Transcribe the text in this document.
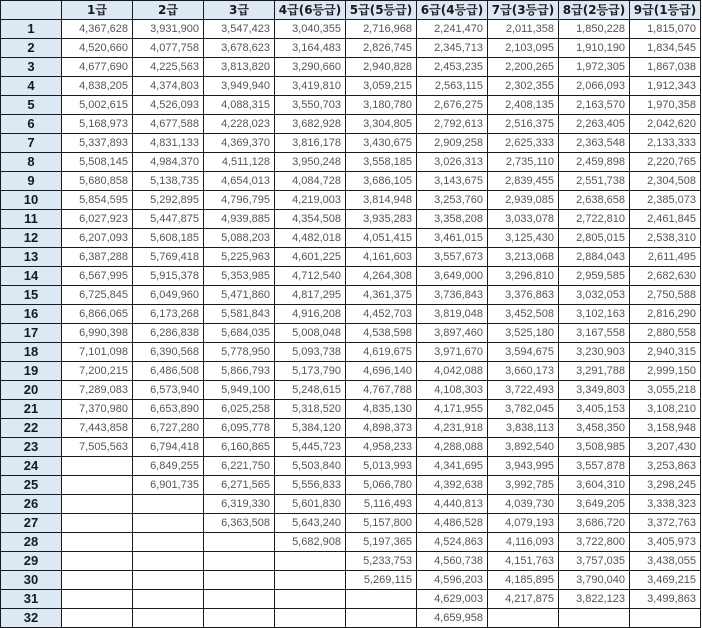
	1급	2급	3급	4급(6등급)	5급(5등급)	6급(4등급)	7급(3등급)	8급(2등급)	9급(1등급)
1	4,367,628	3,931,900	3,547,423	3,040,355	2,716,968	2,241,470	2,011,358	1,850,228	1,815,070
2	4,520,660	4,077,758	3,678,623	3,164,483	2,826,745	2,345,713	2,103,095	1,910,190	1,834,545
3	4,677,690	4,225,563	3,813,820	3,290,660	2,940,828	2,453,235	2,200,265	1,972,305	1,867,038
4	4,838,205	4,374,803	3,949,940	3,419,810	3,059,215	2,563,115	2,302,355	2,066,093	1,912,343
5	5,002,615	4,526,093	4,088,315	3,550,703	3,180,780	2,676,275	2,408,135	2,163,570	1,970,358
6	5,168,973	4,677,588	4,228,023	3,682,928	3,304,805	2,792,613	2,516,375	2,263,405	2,042,620
7	5,337,893	4,831,133	4,369,370	3,816,178	3,430,675	2,909,258	2,625,333	2,363,548	2,133,333
8	5,508,145	4,984,370	4,511,128	3,950,248	3,558,185	3,026,313	2,735,110	2,459,898	2,220,765
9	5,680,858	5,138,735	4,654,013	4,084,728	3,686,105	3,143,675	2,839,455	2,551,738	2,304,508
10	5,854,595	5,292,895	4,796,795	4,219,003	3,814,948	3,253,760	2,939,085	2,638,658	2,385,073
11	6,027,923	5,447,875	4,939,885	4,354,508	3,935,283	3,358,208	3,033,078	2,722,810	2,461,845
12	6,207,093	5,608,185	5,088,203	4,482,018	4,051,415	3,461,015	3,125,430	2,805,015	2,538,310
13	6,387,288	5,769,418	5,225,963	4,601,225	4,161,603	3,557,673	3,213,068	2,884,043	2,611,495
14	6,567,995	5,915,378	5,353,985	4,712,540	4,264,308	3,649,000	3,296,810	2,959,585	2,682,630
15	6,725,845	6,049,960	5,471,860	4,817,295	4,361,375	3,736,843	3,376,863	3,032,053	2,750,588
16	6,866,065	6,173,268	5,581,843	4,916,208	4,452,703	3,819,048	3,452,508	3,102,163	2,816,290
17	6,990,398	6,286,838	5,684,035	5,008,048	4,538,598	3,897,460	3,525,180	3,167,558	2,880,558
18	7,101,098	6,390,568	5,778,950	5,093,738	4,619,675	3,971,670	3,594,675	3,230,903	2,940,315
19	7,200,215	6,486,508	5,866,793	5,173,790	4,696,140	4,042,088	3,660,173	3,291,788	2,999,150
20	7,289,083	6,573,940	5,949,100	5,248,615	4,767,788	4,108,303	3,722,493	3,349,803	3,055,218
21	7,370,980	6,653,890	6,025,258	5,318,520	4,835,130	4,171,955	3,782,045	3,405,153	3,108,210
22	7,443,858	6,727,280	6,095,778	5,384,120	4,898,373	4,231,918	3,838,113	3,458,350	3,158,948
23	7,505,563	6,794,418	6,160,865	5,445,723	4,958,233	4,288,088	3,892,540	3,508,985	3,207,430
24		6,849,255	6,221,750	5,503,840	5,013,993	4,341,695	3,943,995	3,557,878	3,253,863
25		6,901,735	6,271,565	5,556,833	5,066,780	4,392,638	3,992,785	3,604,310	3,298,245
26			6,319,330	5,601,830	5,116,493	4,440,813	4,039,730	3,649,205	3,338,323
27			6,363,508	5,643,240	5,157,800	4,486,528	4,079,193	3,686,720	3,372,763
28				5,682,908	5,197,365	4,524,863	4,116,093	3,722,800	3,405,973
29					5,233,753	4,560,738	4,151,763	3,757,035	3,438,055
30					5,269,115	4,596,203	4,185,895	3,790,040	3,469,215
31						4,629,003	4,217,875	3,822,123	3,499,863
32						4,659,958			
